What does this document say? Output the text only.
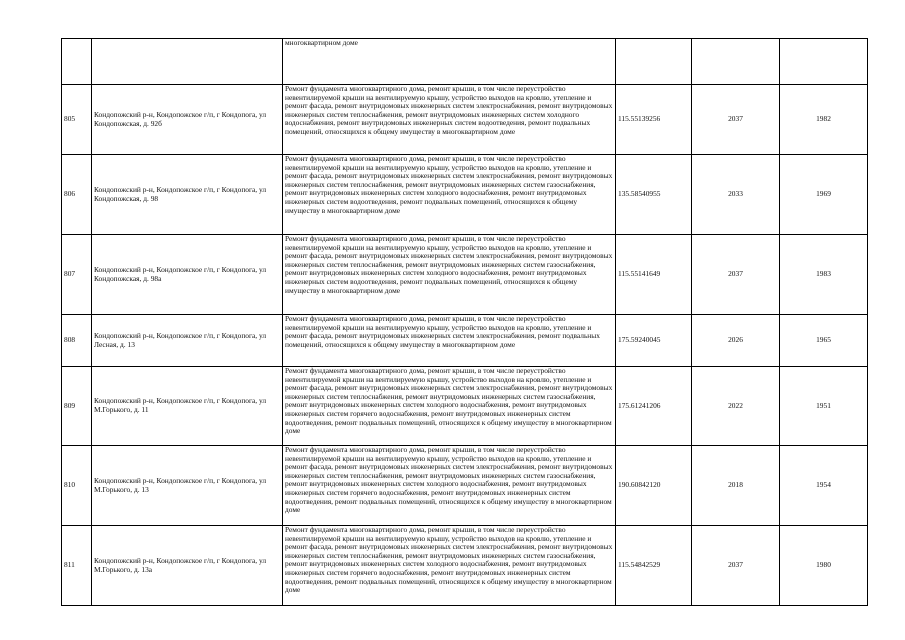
		многоквартирном доме			
805	Кондопожский р-н, Кондопожское г/п, г Кондопога, ул Кондопожская, д. 92б	Ремонт фундамента многоквартирного дома, ремонт крыши, в том числе переустройство невентилируемой крыши на вентилируемую крышу, устройство выходов на кровлю, утепление и ремонт фасада, ремонт внутридомовых инженерных систем электроснабжения, ремонт внутридомовых инженерных систем теплоснабжения, ремонт внутридомовых инженерных систем холодного водоснабжения, ремонт внутридомовых инженерных систем водоотведения, ремонт подвальных помещений, относящихся к общему имуществу в многоквартирном доме	115.55139256	2037	1982
806	Кондопожский р-н, Кондопожское г/п, г Кондопога, ул Кондопожская, д. 98	Ремонт фундамента многоквартирного дома, ремонт крыши, в том числе переустройство невентилируемой крыши на вентилируемую крышу, устройство выходов на кровлю, утепление и ремонт фасада, ремонт внутридомовых инженерных систем электроснабжения, ремонт внутридомовых инженерных систем теплоснабжения, ремонт внутридомовых инженерных систем газоснабжения, ремонт внутридомовых инженерных систем холодного водоснабжения, ремонт внутридомовых инженерных систем водоотведения, ремонт подвальных помещений, относящихся к общему имуществу в многоквартирном доме	135.58540955	2033	1969
807	Кондопожский р-н, Кондопожское г/п, г Кондопога, ул Кондопожская, д. 98а	Ремонт фундамента многоквартирного дома, ремонт крыши, в том числе переустройство невентилируемой крыши на вентилируемую крышу, устройство выходов на кровлю, утепление и ремонт фасада, ремонт внутридомовых инженерных систем электроснабжения, ремонт внутридомовых инженерных систем теплоснабжения, ремонт внутридомовых инженерных систем газоснабжения, ремонт внутридомовых инженерных систем холодного водоснабжения, ремонт внутридомовых инженерных систем водоотведения, ремонт подвальных помещений, относящихся к общему имуществу в многоквартирном доме	115.55141649	2037	1983
808	Кондопожский р-н, Кондопожское г/п, г Кондопога, ул Лесная, д. 13	Ремонт фундамента многоквартирного дома, ремонт крыши, в том числе переустройство невентилируемой крыши на вентилируемую крышу, устройство выходов на кровлю, утепление и ремонт фасада, ремонт внутридомовых инженерных систем электроснабжения, ремонт подвальных помещений, относящихся к общему имуществу в многоквартирном доме	175.59240045	2026	1965
809	Кондопожский р-н, Кондопожское г/п, г Кондопога, ул М.Горького, д. 11	Ремонт фундамента многоквартирного дома, ремонт крыши, в том числе переустройство невентилируемой крыши на вентилируемую крышу, устройство выходов на кровлю, утепление и ремонт фасада, ремонт внутридомовых инженерных систем электроснабжения, ремонт внутридомовых инженерных систем теплоснабжения, ремонт внутридомовых инженерных систем газоснабжения, ремонт внутридомовых инженерных систем холодного водоснабжения, ремонт внутридомовых инженерных систем горячего водоснабжения, ремонт внутридомовых инженерных систем водоотведения, ремонт подвальных помещений, относящихся к общему имуществу в многоквартирном доме	175.61241206	2022	1951
810	Кондопожский р-н, Кондопожское г/п, г Кондопога, ул М.Горького, д. 13	Ремонт фундамента многоквартирного дома, ремонт крыши, в том числе переустройство невентилируемой крыши на вентилируемую крышу, устройство выходов на кровлю, утепление и ремонт фасада, ремонт внутридомовых инженерных систем электроснабжения, ремонт внутридомовых инженерных систем теплоснабжения, ремонт внутридомовых инженерных систем газоснабжения, ремонт внутридомовых инженерных систем холодного водоснабжения, ремонт внутридомовых инженерных систем горячего водоснабжения, ремонт внутридомовых инженерных систем водоотведения, ремонт подвальных помещений, относящихся к общему имуществу в многоквартирном доме	190.60842120	2018	1954
811	Кондопожский р-н, Кондопожское г/п, г Кондопога, ул М.Горького, д. 13а	Ремонт фундамента многоквартирного дома, ремонт крыши, в том числе переустройство невентилируемой крыши на вентилируемую крышу, устройство выходов на кровлю, утепление и ремонт фасада, ремонт внутридомовых инженерных систем электроснабжения, ремонт внутридомовых инженерных систем теплоснабжения, ремонт внутридомовых инженерных систем газоснабжения, ремонт внутридомовых инженерных систем холодного водоснабжения, ремонт внутридомовых инженерных систем горячего водоснабжения, ремонт внутридомовых инженерных систем водоотведения, ремонт подвальных помещений, относящихся к общему имуществу в многоквартирном доме	115.54842529	2037	1980
